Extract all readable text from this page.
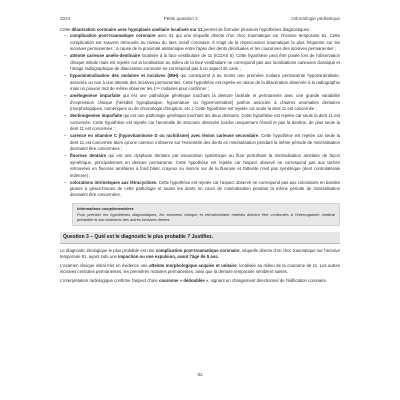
2024	Petits question 2	Odontologie pédiatrique

Cette dilacération coronaire avec hypoplasie amélaire localisée sur 11 permet de formuler plusieurs hypothèses diagnostiques :

– complication post-traumatique coronaire avec 51 qui une séquelle directe d'un choc traumatique sur l'incisive temporaire 51. Cette complication est souvent retrouvée au niveau du tiers incisif coronaire. Il s'agit de la répercussion traumatique la plus fréquente sur les incisives permanentes : à cause de la proximité anatomique entre l'apex des dents déciduales et les couronnes des incisives permanentes ;
– atteinte carieuse amélo-dentinaire localisée à la face vestibulaire de 11 (ICDAS 5). Cette hypothèse peut être posée lors de l'observation clinique initiale mais est rejetée car la localisation au milieu de la face vestibulaire ne correspond pas aux localisations carieuses classique et l'image radiographique de dilacération coronaire ne correspond pas à un aspect de carie ;
– hypominéralisation des molaires et incisives (MIH) qui correspond à au moins une première molaire permanente hypominéralisée, associée ou non à une atteinte des incisives permanentes. Cette hypothèse est rejetée en raison de la dilacération observée à la radiographie mais un pouvoir tout de même observer les 1ʳᵉˢ molaires pour confirmer ;
– amélogenèse imparfaite qui est une pathologie génétique touchant la denture lactéale et permanente avec une grande variabilité d'expression clinique (hérédité hypoplasique, hypomature ou hyperminéralisé) parfois associée à d'autres anomalies dentaires (morphologiques, numériques ou de chronologie d'éruption, etc.). Cette hypothèse est rejetée car seule la dent 11 est concernée ;
– dentinogenèse imparfaite qui est une pathologie génétique touchant les deux dentures. Cette hypothèse est rejetée car seule la dent 11 est concernée. Cette hypothèse est rejetée car l'anomalie de structure observée touche uniquement l'émail et pas la dentine, de plus seule la dent 11 est concernée ;
– carence en vitamine C (hypovitaminose D ou rachitisme) avec lésion carieuse secondaire. Cette hypothèse est rejetée car seule la dent 11 est concernée alors qu'une carence s'observe sur l'ensemble des dents en minéralisation pendant la même période de minéralisation devraient être concernées ;
– fluorose dentaire qui est une dysplasie dentaire par intoxication systémique au fluor perturbant la minéralisation amélaire de façon symétrique, principalement en denture permanente. Cette hypothèse est rejetée car l'aspect observé ne correspond pas aux taches retrouvées en fluorose amélaires à fond blanc crayeux ou marron sur de la fluorose et l'atteinte n'est pas symétrique (dent controlatérale indemne) ;
– colorations intrinsèques aux tétracyclines. Cette hypothèse est rejetée car l'aspect observé ne correspond pas aux colorations en bandes jaunes à grises-brunes de cette pathologie et toutes les dents en cours de minéralisation pendant la même période de minéralisation devraient être concernées.
Informations complémentaires
Pour préciser les hypothèses diagnostiques, les examens clinique et rétroalvéolaire réalisés doivent être confrontés à l'interrogatoire médical préalable et aux examens des autres incisives dentes.
Question 3 – Quel est le diagnostic le plus probable ? Justifiez.

Le diagnostic étiologique le plus probable est une complication post-traumatique coronaire, séquelle directe d'un choc traumatique sur l'incisive temporaire 51, ayant subi une impaction ou une expulsion, avant l'âge de 5 ans.

L'examen clinique initial met en évidence une atteinte morphologique acquise et unitaire, localisée au milieu de la couronne de 11. Les autres incisives centrales permanentes, les premières molaires permanentes, ainsi que la denture temporaire semblent saines.

L'interprétation radiologique confirme l'aspect d'une couronne « dédoublée », signant un changement directionnel de l'édification coronaire.

82
